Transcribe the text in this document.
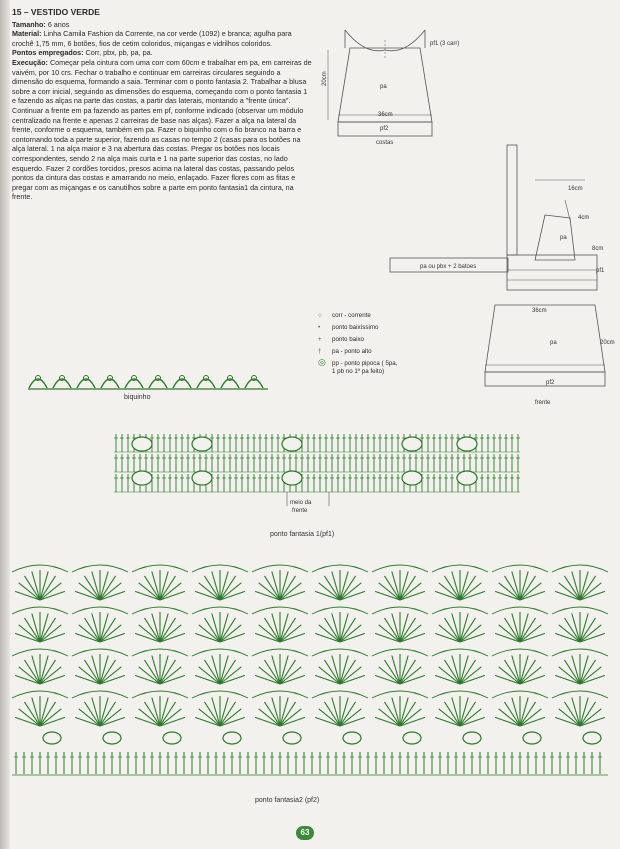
15 – VESTIDO VERDE

Tamanho: 6 anos

Material: Linha Camila Fashion da Corrente, na cor verde (1092) e branca; agulha para crochê 1,75 mm, 6 botões, fios de cetim coloridos, miçangas e vidrilhos coloridos.

Pontos empregados: Corr, pbx, pb, pa, pa.

Execução: Começar pela cintura com uma corr com 60cm e trabalhar em pa, em carreiras de vaivém, por 10 crs. Fechar o trabalho e continuar em carreiras circulares seguindo a dimensão do esquema, formando a saia. Terminar com o ponto fantasia 2. Trabalhar a blusa sobre a corr inicial, seguindo as dimensões do esquema, começando com o ponto fantasia 1 e fazendo as alças na parte das costas, a partir das laterais, montando a "frente única". Continuar a frente em pa fazendo as partes em pf, conforme indicado (observar um módulo centralizado na frente e apenas 2 carreiras de base nas alças). Fazer a alça na lateral da frente, conforme o esquema, também em pa. Fazer o biquinho com o fio branco na barra e contornando toda a parte superior, fazendo as casas no tempo 2 (casas para os botões na alça lateral. 1 na alça maior e 3 na abertura das costas. Pregar os botões nos locais correspondentes, sendo 2 na alça mais curta e 1 na parte superior das costas, no lado esquerdo. Fazer 2 cordões torcidos, presos acima na lateral das costas, passando pelos pontos da cintura das costas e amarrando no meio, enlaçado. Fazer flores com as fitas e pregar com as miçangas e os canutilhos sobre a parte em ponto fantasia1 da cintura, na frente.

pf1 (3 carr)
20cm
pa
36cm
pf2
costas
16cm
4cm
8cm
pa
pa ou pbx + 2 batoes
pf1
36cm
pa	20cm
pf2
frente
○ corr - corrente
• ponto baixíssimo
+ ponto baixo
† pa - ponto alto
◎ pp - ponto pipoca ( 5pa,
1 pb no 1º pa feito)
biquinho
meio da
frente
ponto fantasia 1(pf1)
ponto fantasia2 (pf2)
63
